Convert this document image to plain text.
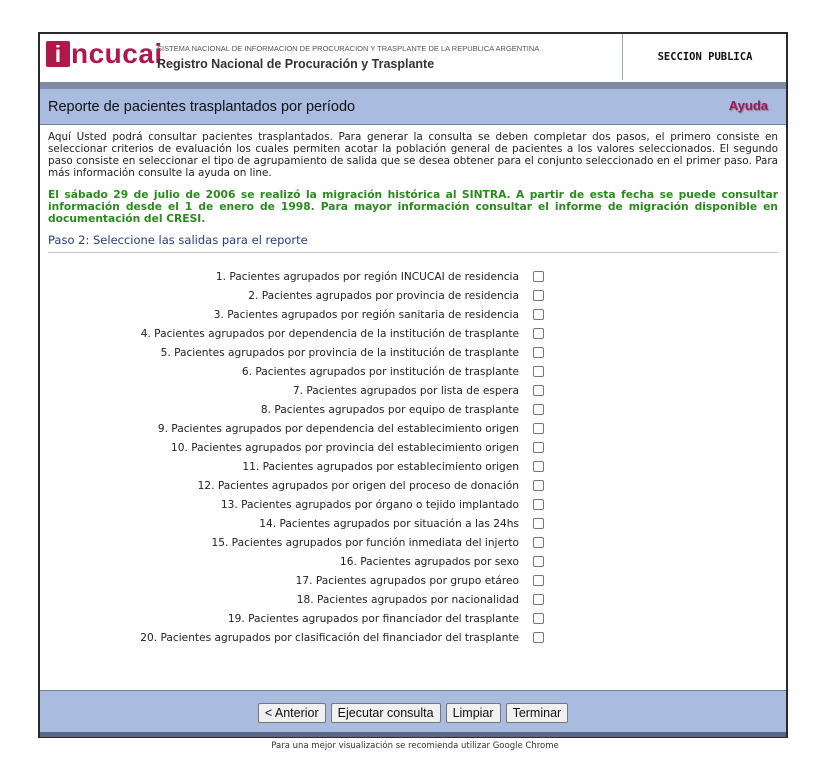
i ncucai
SISTEMA NACIONAL DE INFORMACION DE PROCURACION Y TRASPLANTE DE LA REPUBLICA ARGENTINA
Registro Nacional de Procuración y Trasplante	SECCION PUBLICA
Reporte de pacientes trasplantados por período	Ayuda

Aquí Usted podrá consultar pacientes trasplantados. Para generar la consulta se deben completar dos pasos, el primero consiste en seleccionar criterios de evaluación los cuales permiten acotar la población general de pacientes a los valores seleccionados. El segundo paso consiste en seleccionar el tipo de agrupamiento de salida que se desea obtener para el conjunto seleccionado en el primer paso. Para más información consulte la ayuda on line.

El sábado 29 de julio de 2006 se realizó la migración histórica al SINTRA. A partir de esta fecha se puede consultar información desde el 1 de enero de 1998. Para mayor información consultar el informe de migración disponible en documentación del CRESI.

Paso 2: Seleccione las salidas para el reporte
1. Pacientes agrupados por región INCUCAI de residencia
2. Pacientes agrupados por provincia de residencia
3. Pacientes agrupados por región sanitaria de residencia
4. Pacientes agrupados por dependencia de la institución de trasplante
5. Pacientes agrupados por provincia de la institución de trasplante
6. Pacientes agrupados por institución de trasplante
7. Pacientes agrupados por lista de espera
8. Pacientes agrupados por equipo de trasplante
9. Pacientes agrupados por dependencia del establecimiento origen
10. Pacientes agrupados por provincia del establecimiento origen
11. Pacientes agrupados por establecimiento origen
12. Pacientes agrupados por origen del proceso de donación
13. Pacientes agrupados por órgano o tejido implantado
14. Pacientes agrupados por situación a las 24hs
15. Pacientes agrupados por función inmediata del injerto
16. Pacientes agrupados por sexo
17. Pacientes agrupados por grupo etáreo
18. Pacientes agrupados por nacionalidad
19. Pacientes agrupados por financiador del trasplante
20. Pacientes agrupados por clasificación del financiador del trasplante
< Anterior	Ejecutar consulta	Limpiar	Terminar
Para una mejor visualización se recomienda utilizar Google Chrome
